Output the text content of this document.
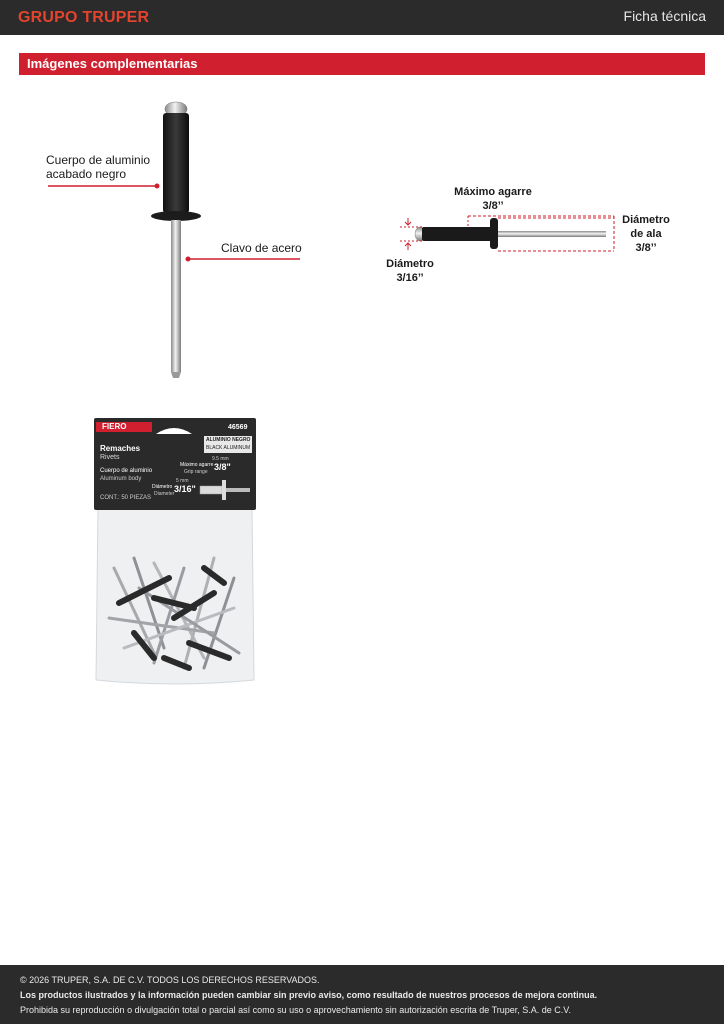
GRUPO TRUPER	Ficha técnica
Imágenes complementarias
Cuerpo de aluminio
acabado negro
Clavo de acero
Máximo agarre
3/8’’
Diámetro
de ala
3/8’’
Diámetro
3/16’’
FIERO	46569
Remaches
Rivets
ALUMINIO NEGRO
BLACK ALUMINUM
Cuerpo de aluminio
Aluminum body
Máximo agarre
Grip range
9.5 mm
3/8"
Diámetro
Diameter
5 mm
3/16"
CONT.: 50 PIEZAS
© 2026 TRUPER, S.A. DE C.V. TODOS LOS DERECHOS RESERVADOS.
Los productos ilustrados y la información pueden cambiar sin previo aviso, como resultado de nuestros procesos de mejora continua.
Prohibida su reproducción o divulgación total o parcial así como su uso o aprovechamiento sin autorización escrita de Truper, S.A. de C.V.
